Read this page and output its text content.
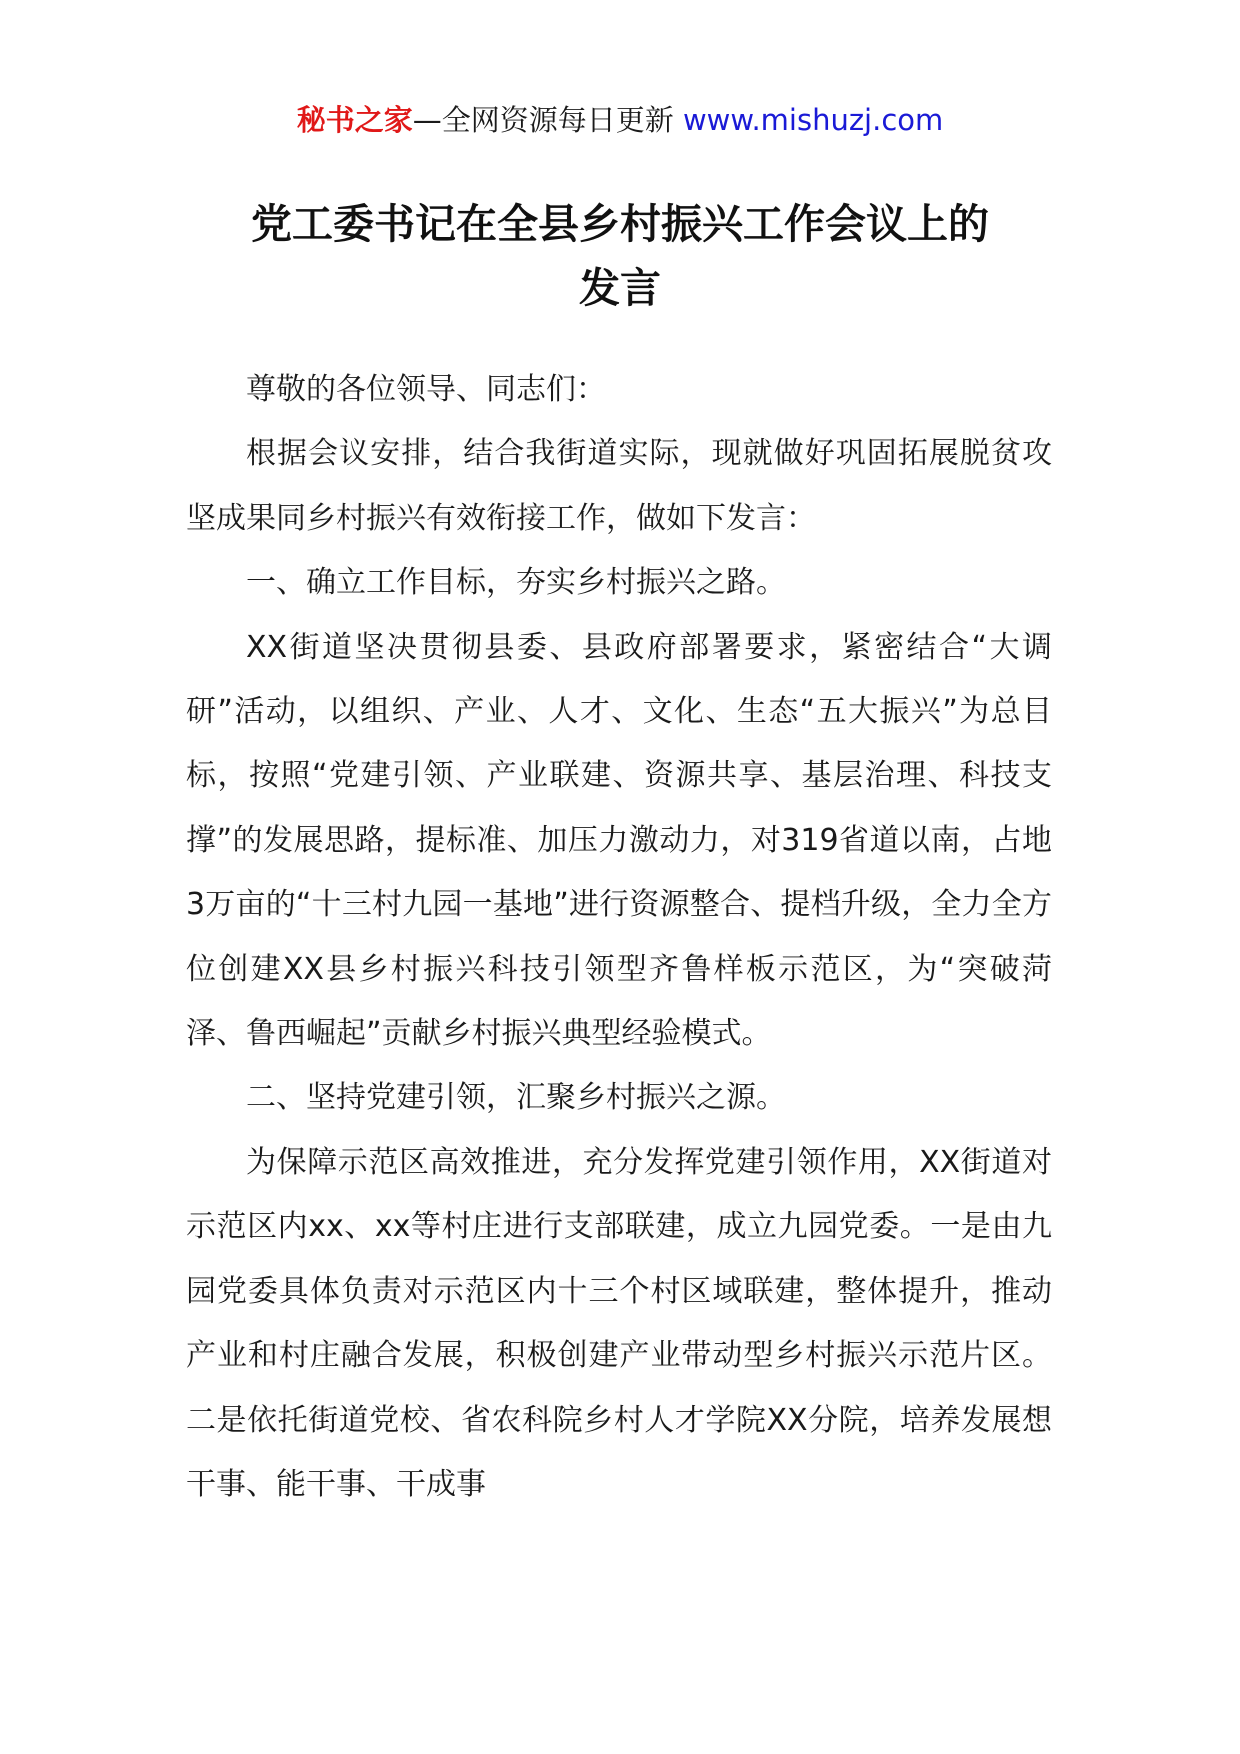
秘书之家—全网资源每日更新 www.mishuzj.com
党工委书记在全县乡村振兴工作会议上的
发言

尊敬的各位领导、同志们：

根据会议安排，结合我街道实际，现就做好巩固拓展脱贫攻坚成果同乡村振兴有效衔接工作，做如下发言：

一、确立工作目标，夯实乡村振兴之路。

XX街道坚决贯彻县委、县政府部署要求，紧密结合“大调研”活动，以组织、产业、人才、文化、生态“五大振兴”为总目标，按照“党建引领、产业联建、资源共享、基层治理、科技支撑”的发展思路，提标准、加压力激动力，对319省道以南，占地3万亩的“十三村九园一基地”进行资源整合、提档升级，全力全方位创建XX县乡村振兴科技引领型齐鲁样板示范区，为“突破菏泽、鲁西崛起”贡献乡村振兴典型经验模式。

二、坚持党建引领，汇聚乡村振兴之源。

为保障示范区高效推进，充分发挥党建引领作用，XX街道对示范区内xx、xx等村庄进行支部联建，成立九园党委。一是由九园党委具体负责对示范区内十三个村区域联建，整体提升，推动产业和村庄融合发展，积极创建产业带动型乡村振兴示范片区。二是依托街道党校、省农科院乡村人才学院XX分院，培养发展想干事、能干事、干成事
